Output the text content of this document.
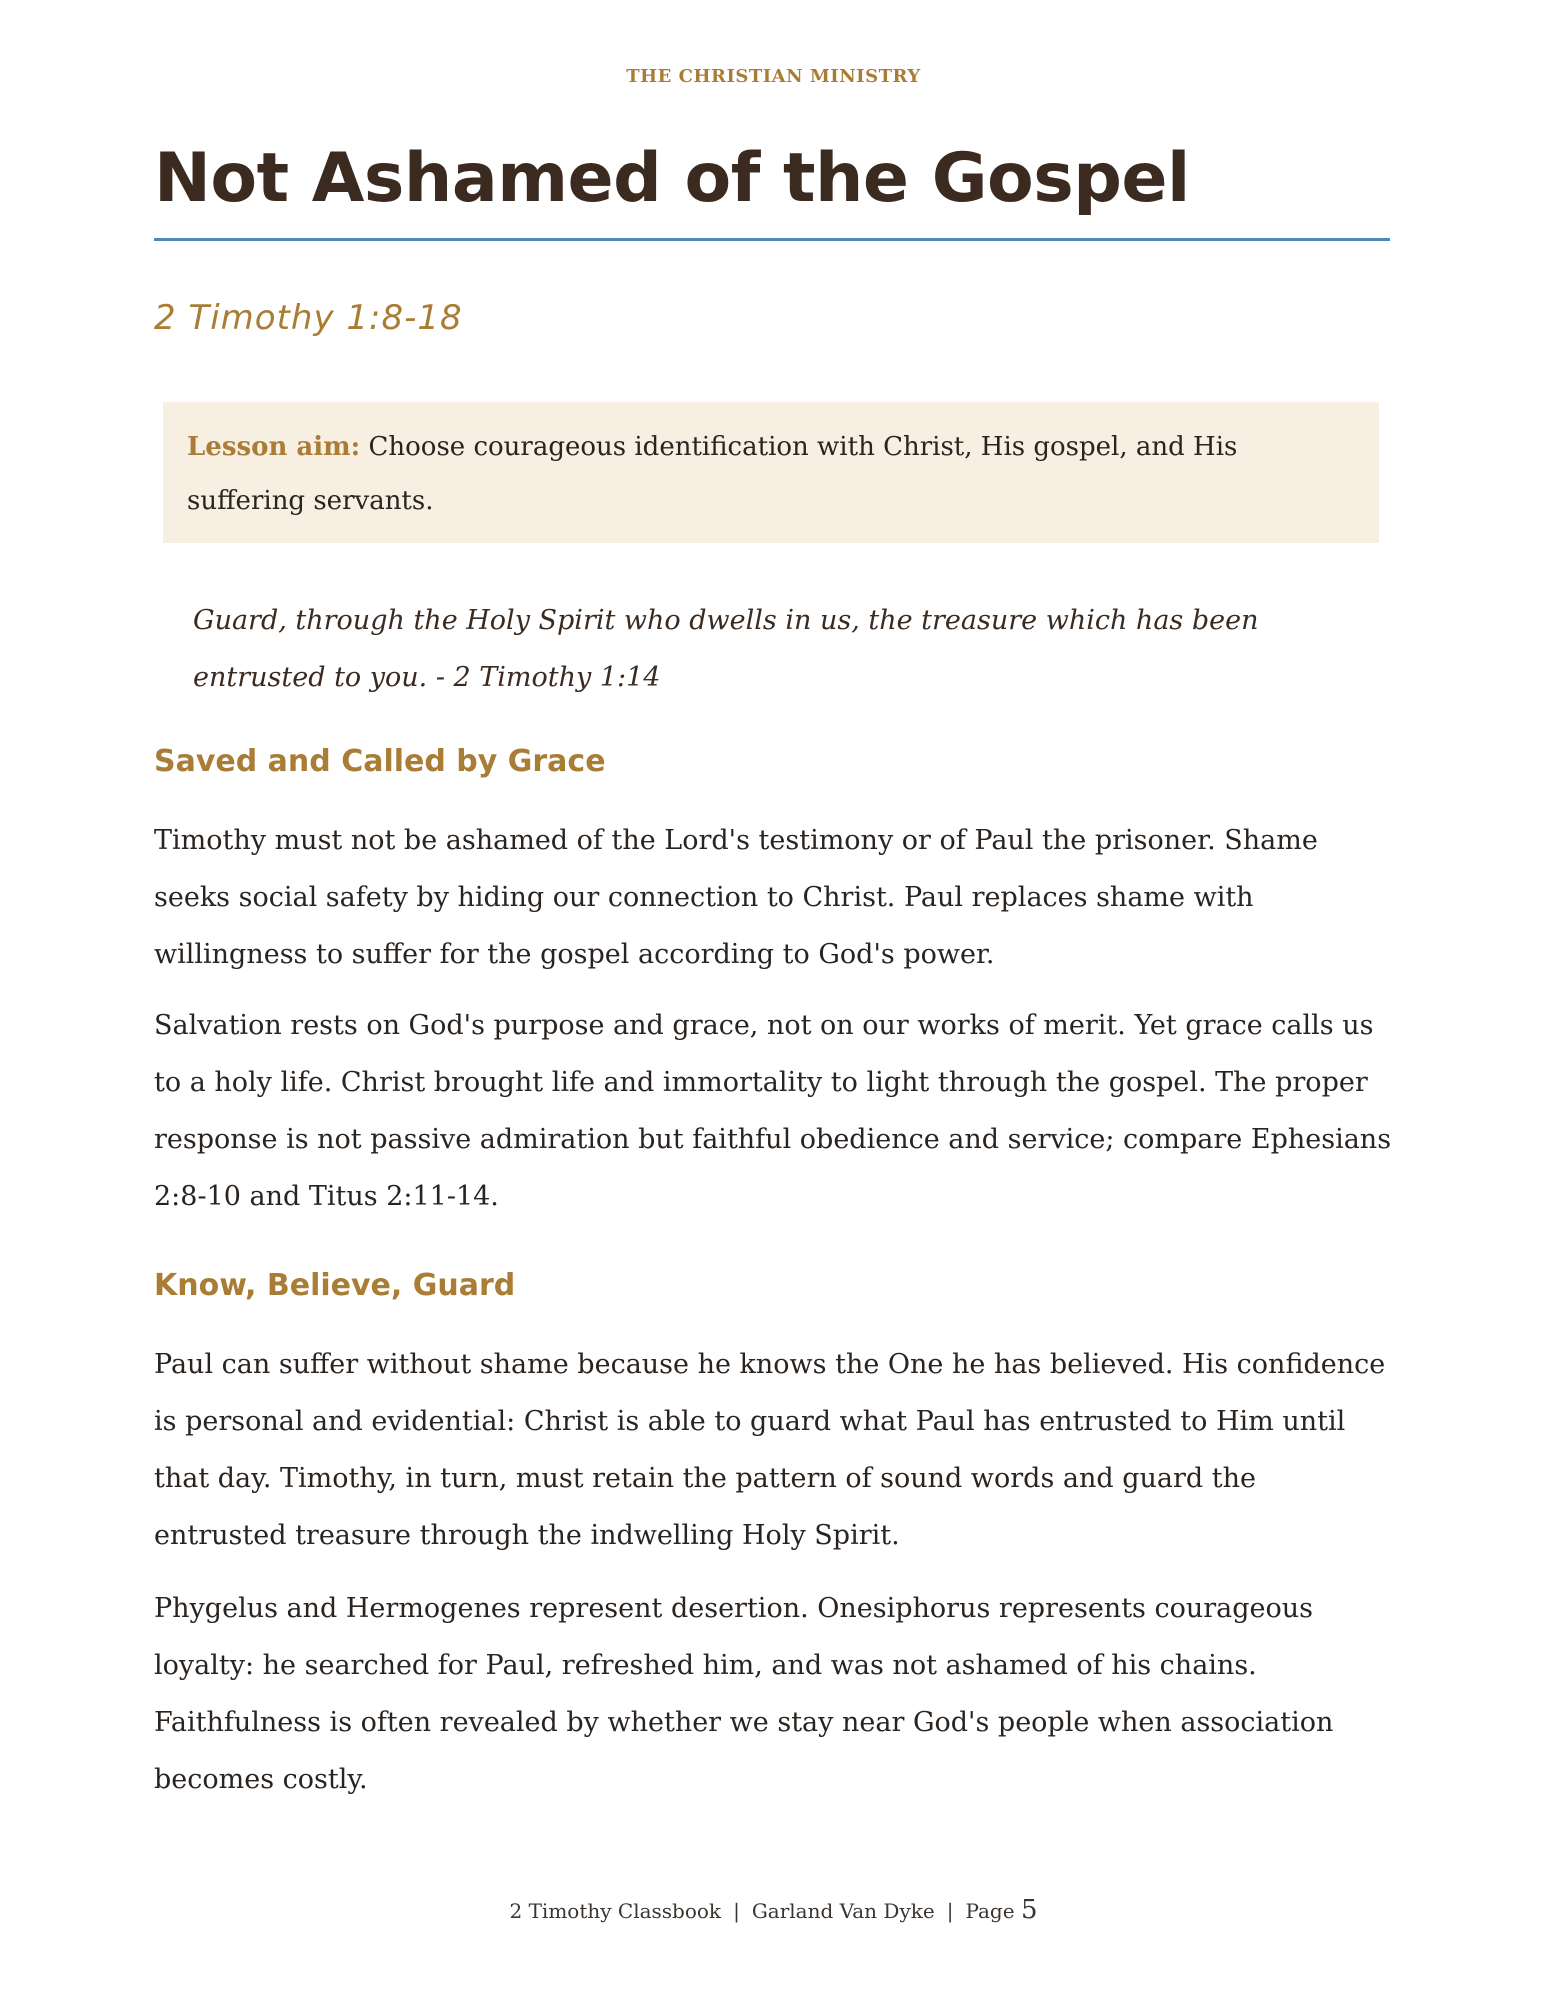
THE CHRISTIAN MINISTRY
Not Ashamed of the Gospel
2 Timothy 1:8-18
Lesson aim: Choose courageous identification with Christ, His gospel, and His suffering servants.
Guard, through the Holy Spirit who dwells in us, the treasure which has been entrusted to you. - 2 Timothy 1:14
Saved and Called by Grace

Timothy must not be ashamed of the Lord's testimony or of Paul the prisoner. Shame seeks social safety by hiding our connection to Christ. Paul replaces shame with willingness to suffer for the gospel according to God's power.

Salvation rests on God's purpose and grace, not on our works of merit. Yet grace calls us to a holy life. Christ brought life and immortality to light through the gospel. The proper response is not passive admiration but faithful obedience and service; compare Ephesians 2:8-10 and Titus 2:11-14.

Know, Believe, Guard

Paul can suffer without shame because he knows the One he has believed. His confidence is personal and evidential: Christ is able to guard what Paul has entrusted to Him until that day. Timothy, in turn, must retain the pattern of sound words and guard the entrusted treasure through the indwelling Holy Spirit.

Phygelus and Hermogenes represent desertion. Onesiphorus represents courageous loyalty: he searched for Paul, refreshed him, and was not ashamed of his chains. Faithfulness is often revealed by whether we stay near God's people when association becomes costly.

2 Timothy Classbook | Garland Van Dyke | Page 5
